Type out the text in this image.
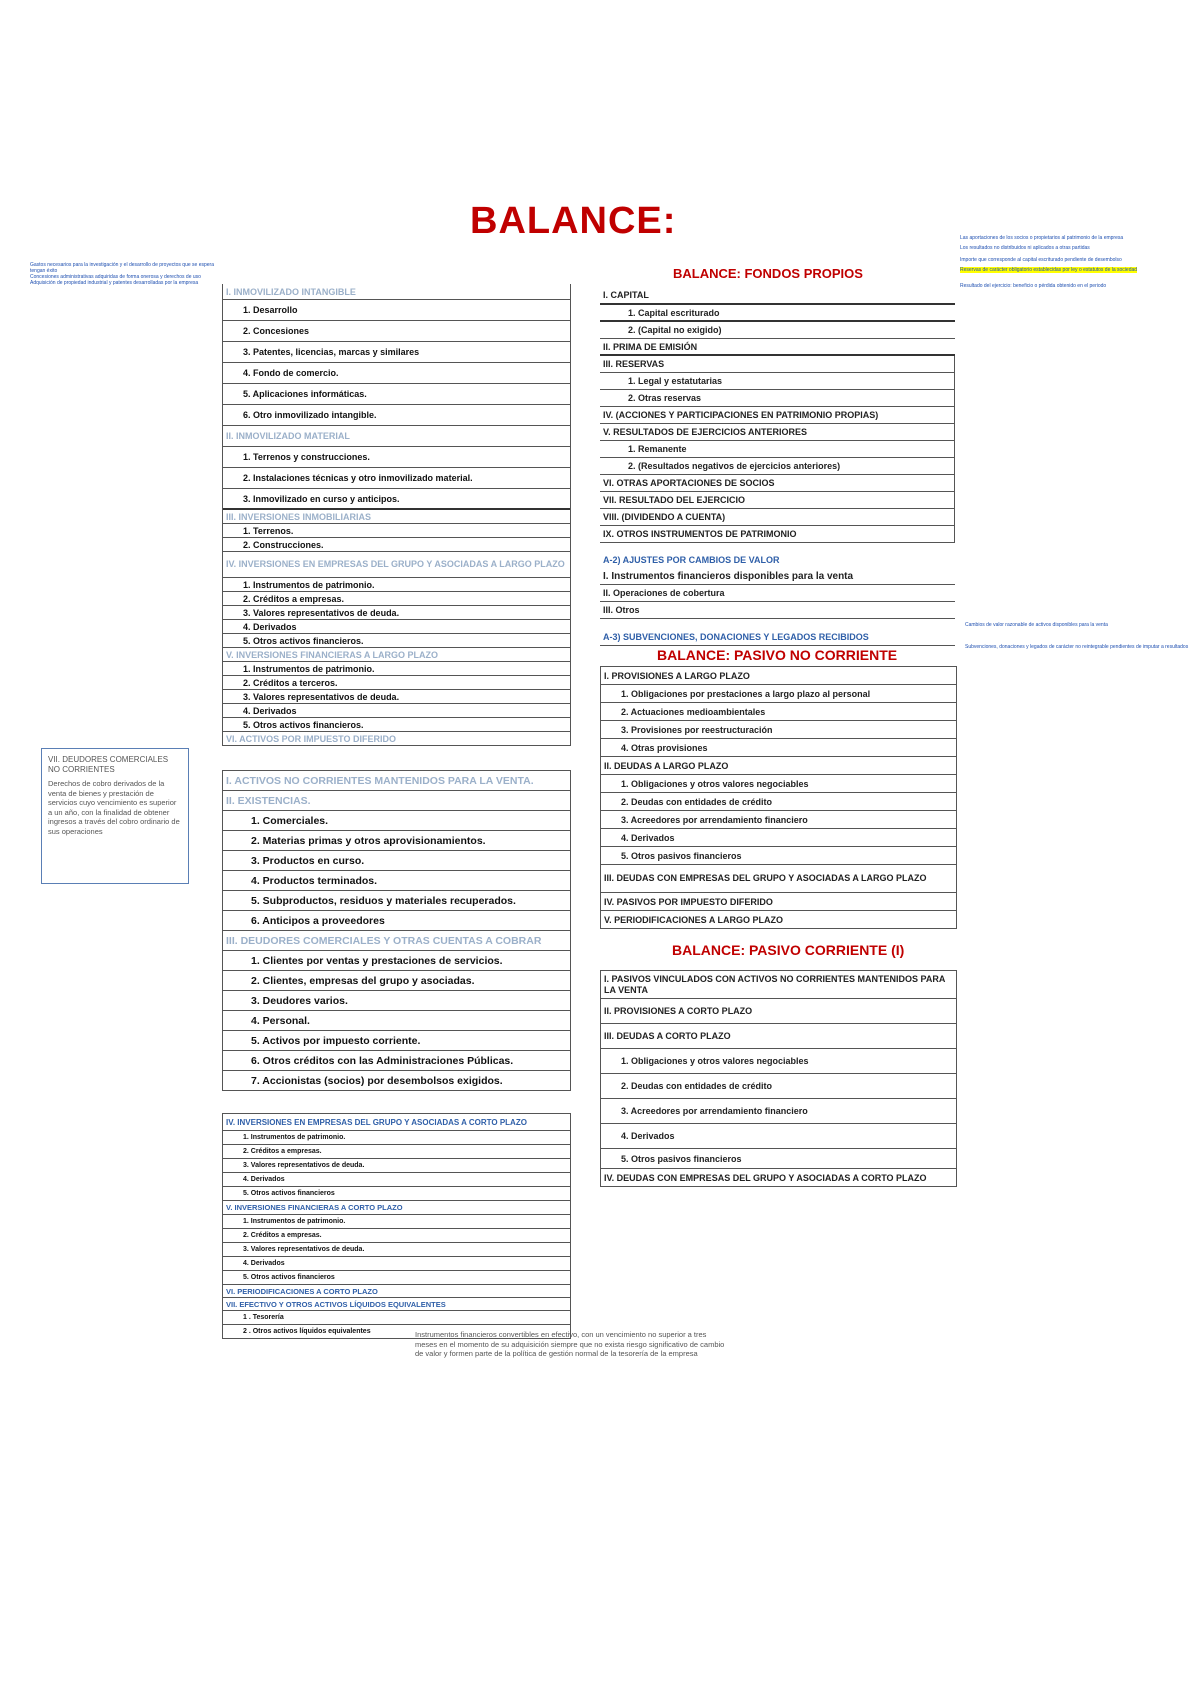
BALANCE:
Gastos necesarios para la investigación y el desarrollo de proyectos que se espera tengan éxito
Concesiones administrativas adquiridas de forma onerosa y derechos de uso
Adquisición de propiedad industrial y patentes desarrolladas por la empresa
I. INMOVILIZADO INTANGIBLE
1. Desarrollo
2. Concesiones
3. Patentes, licencias, marcas y similares
4. Fondo de comercio.
5. Aplicaciones informáticas.
6. Otro inmovilizado intangible.
II. INMOVILIZADO MATERIAL
1. Terrenos y construcciones.
2. Instalaciones técnicas y otro inmovilizado material.
3. Inmovilizado en curso y anticipos.
III. INVERSIONES INMOBILIARIAS
1. Terrenos.
2. Construcciones.
IV. INVERSIONES EN EMPRESAS DEL GRUPO Y ASOCIADAS A LARGO PLAZO
1. Instrumentos de patrimonio.
2. Créditos a empresas.
3. Valores representativos de deuda.
4. Derivados
5. Otros activos financieros.
V. INVERSIONES FINANCIERAS A LARGO PLAZO
1. Instrumentos de patrimonio.
2. Créditos a terceros.
3. Valores representativos de deuda.
4. Derivados
5. Otros activos financieros.
VI. ACTIVOS POR IMPUESTO DIFERIDO
VII. DEUDORES COMERCIALES NO CORRIENTES
Derechos de cobro derivados de la venta de bienes y prestación de servicios cuyo vencimiento es superior a un año, con la finalidad de obtener ingresos a través del cobro ordinario de sus operaciones
I. ACTIVOS NO CORRIENTES MANTENIDOS PARA LA VENTA.
II. EXISTENCIAS.
1. Comerciales.
2. Materias primas y otros aprovisionamientos.
3. Productos en curso.
4. Productos terminados.
5. Subproductos, residuos y materiales recuperados.
6. Anticipos a proveedores
III. DEUDORES COMERCIALES Y OTRAS CUENTAS A COBRAR
1. Clientes por ventas y prestaciones de servicios.
2. Clientes, empresas del grupo y asociadas.
3. Deudores varios.
4. Personal.
5. Activos por impuesto corriente.
6. Otros créditos con las Administraciones Públicas.
7. Accionistas (socios) por desembolsos exigidos.
IV. INVERSIONES EN EMPRESAS DEL GRUPO Y ASOCIADAS A CORTO PLAZO
1. Instrumentos de patrimonio.
2. Créditos a empresas.
3. Valores representativos de deuda.
4. Derivados
5. Otros activos financieros
V. INVERSIONES FINANCIERAS A CORTO PLAZO
1. Instrumentos de patrimonio.
2. Créditos a empresas.
3. Valores representativos de deuda.
4. Derivados
5. Otros activos financieros
VI. PERIODIFICACIONES A CORTO PLAZO
VII. EFECTIVO Y OTROS ACTIVOS LÍQUIDOS EQUIVALENTES
1 . Tesorería
2 . Otros activos líquidos equivalentes	Instrumentos financieros convertibles en efectivo, con un vencimiento no superior a tres meses en el momento de su adquisición siempre que no exista riesgo significativo de cambio de valor y formen parte de la política de gestión normal de la tesorería de la empresa
BALANCE: FONDOS PROPIOS
I. CAPITAL
1. Capital escriturado
2. (Capital no exigido)
II. PRIMA DE EMISIÓN
III. RESERVAS
1. Legal y estatutarias
2. Otras reservas
IV. (ACCIONES Y PARTICIPACIONES EN PATRIMONIO PROPIAS)
V. RESULTADOS DE EJERCICIOS ANTERIORES
1. Remanente
2. (Resultados negativos de ejercicios anteriores)
VI. OTRAS APORTACIONES DE SOCIOS
VII. RESULTADO DEL EJERCICIO
VIII. (DIVIDENDO A CUENTA)
IX. OTROS INSTRUMENTOS DE PATRIMONIO
A-2) AJUSTES POR CAMBIOS DE VALOR
I. Instrumentos financieros disponibles para la venta
II. Operaciones de cobertura
III. Otros
A-3) SUBVENCIONES, DONACIONES Y LEGADOS RECIBIDOS
BALANCE: PASIVO NO CORRIENTE
I. PROVISIONES A LARGO PLAZO
1. Obligaciones por prestaciones a largo plazo al personal
2. Actuaciones medioambientales
3. Provisiones por reestructuración
4. Otras provisiones
II. DEUDAS A LARGO PLAZO
1. Obligaciones y otros valores negociables
2. Deudas con entidades de crédito
3. Acreedores por arrendamiento financiero
4. Derivados
5. Otros pasivos financieros
III. DEUDAS CON EMPRESAS DEL GRUPO Y ASOCIADAS A LARGO PLAZO
IV. PASIVOS POR IMPUESTO DIFERIDO
V. PERIODIFICACIONES A LARGO PLAZO
BALANCE: PASIVO CORRIENTE (I)
I. PASIVOS VINCULADOS CON ACTIVOS NO CORRIENTES MANTENIDOS PARA LA VENTA
II. PROVISIONES A CORTO PLAZO
III. DEUDAS A CORTO PLAZO
1. Obligaciones y otros valores negociables
2. Deudas con entidades de crédito
3. Acreedores por arrendamiento financiero
4. Derivados
5. Otros pasivos financieros
IV. DEUDAS CON EMPRESAS DEL GRUPO Y ASOCIADAS A CORTO PLAZO
Las aportaciones de los socios o propietarios al patrimonio de la empresa
Los resultados no distribuidos ni aplicados a otras partidas
Importe que corresponde al capital escriturado pendiente de desembolso
Reservas de carácter obligatorio establecidas por ley o estatutos de la sociedad
Resultado del ejercicio: beneficio o pérdida obtenido en el periodo
Cambios de valor razonable de activos disponibles para la venta
Subvenciones, donaciones y legados de carácter no reintegrable pendientes de imputar a resultados
